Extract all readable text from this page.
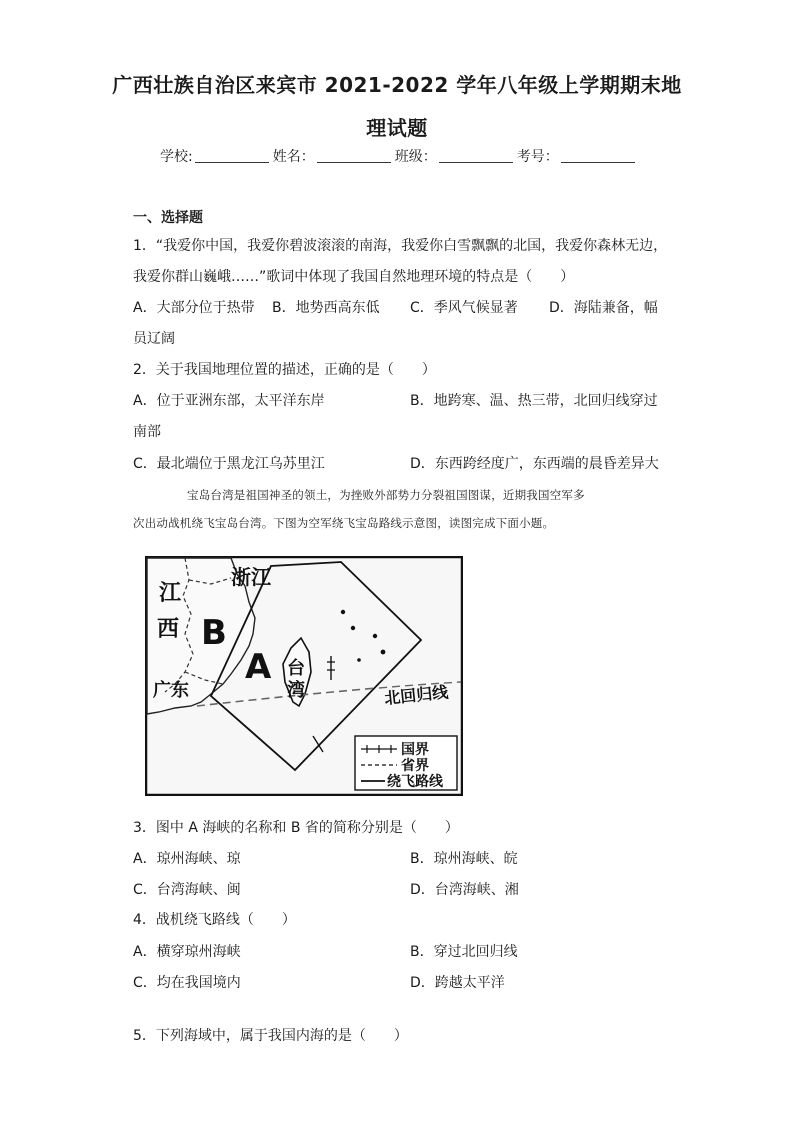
广西壮族自治区来宾市 2021-2022 学年八年级上学期期末地
理试题
学校:	姓名：	班级：	考号：
一、选择题
1．“我爱你中国，我爱你碧波滚滚的南海，我爱你白雪飘飘的北国，我爱你森林无边，
我爱你群山巍峨……”歌词中体现了我国自然地理环境的特点是（　　）
A．大部分位于热带 B．地势西高东低 C．季风气候显著 D．海陆兼备，幅
员辽阔
2．关于我国地理位置的描述，正确的是（　　）
A．位于亚洲东部，太平洋东岸	B．地跨寒、温、热三带，北回归线穿过
南部
C．最北端位于黑龙江乌苏里江	D．东西跨经度广，东西端的晨昏差异大
宝岛台湾是祖国神圣的领土，为挫败外部势力分裂祖国图谋，近期我国空军多
次出动战机绕飞宝岛台湾。下图为空军绕飞宝岛路线示意图，读图完成下面小题。
江
西
浙江
B
A 台
湾
广东	北回归线
国界
省界
绕飞路线
3．图中 A 海峡的名称和 B 省的简称分别是（　　）
A．琼州海峡、琼	B．琼州海峡、皖
C．台湾海峡、闽	D．台湾海峡、湘
4．战机绕飞路线（　　）
A．横穿琼州海峡	B．穿过北回归线
C．均在我国境内	D．跨越太平洋
5．下列海域中，属于我国内海的是（　　）
